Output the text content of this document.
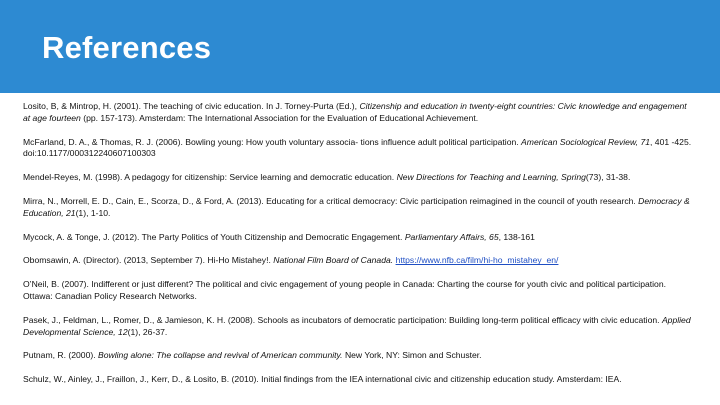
References

Losito, B, & Mintrop, H. (2001). The teaching of civic education. In J. Torney-Purta (Ed.), Citizenship and education in twenty-eight countries: Civic knowledge and engagement at age fourteen (pp. 157-173). Amsterdam: The International Association for the Evaluation of Educational Achievement.

McFarland, D. A., & Thomas, R. J. (2006). Bowling young: How youth voluntary associa- tions influence adult political participation. American Sociological Review, 71, 401 -425. doi:10.1177/000312240607100303

Mendel-Reyes, M. (1998). A pedagogy for citizenship: Service learning and democratic education. New Directions for Teaching and Learning, Spring(73), 31-38.

Mirra, N., Morrell, E. D., Cain, E., Scorza, D., & Ford, A. (2013). Educating for a critical democracy: Civic participation reimagined in the council of youth research. Democracy & Education, 21(1), 1-10.

Mycock, A. & Tonge, J. (2012). The Party Politics of Youth Citizenship and Democratic Engagement. Parliamentary Affairs, 65, 138-161

Obomsawin, A. (Director). (2013, September 7). Hi-Ho Mistahey!. National Film Board of Canada. https://www.nfb.ca/film/hi-ho_mistahey_en/

O’Neil, B. (2007). Indifferent or just different? The political and civic engagement of young people in Canada: Charting the course for youth civic and political participation. Ottawa: Canadian Policy Research Networks.

Pasek, J., Feldman, L., Romer, D., & Jamieson, K. H. (2008). Schools as incubators of democratic participation: Building long-term political efficacy with civic education. Applied Developmental Science, 12(1), 26-37.

Putnam, R. (2000). Bowling alone: The collapse and revival of American community. New York, NY: Simon and Schuster.

Schulz, W., Ainley, J., Fraillon, J., Kerr, D., & Losito, B. (2010). Initial findings from the IEA international civic and citizenship education study. Amsterdam: IEA.
